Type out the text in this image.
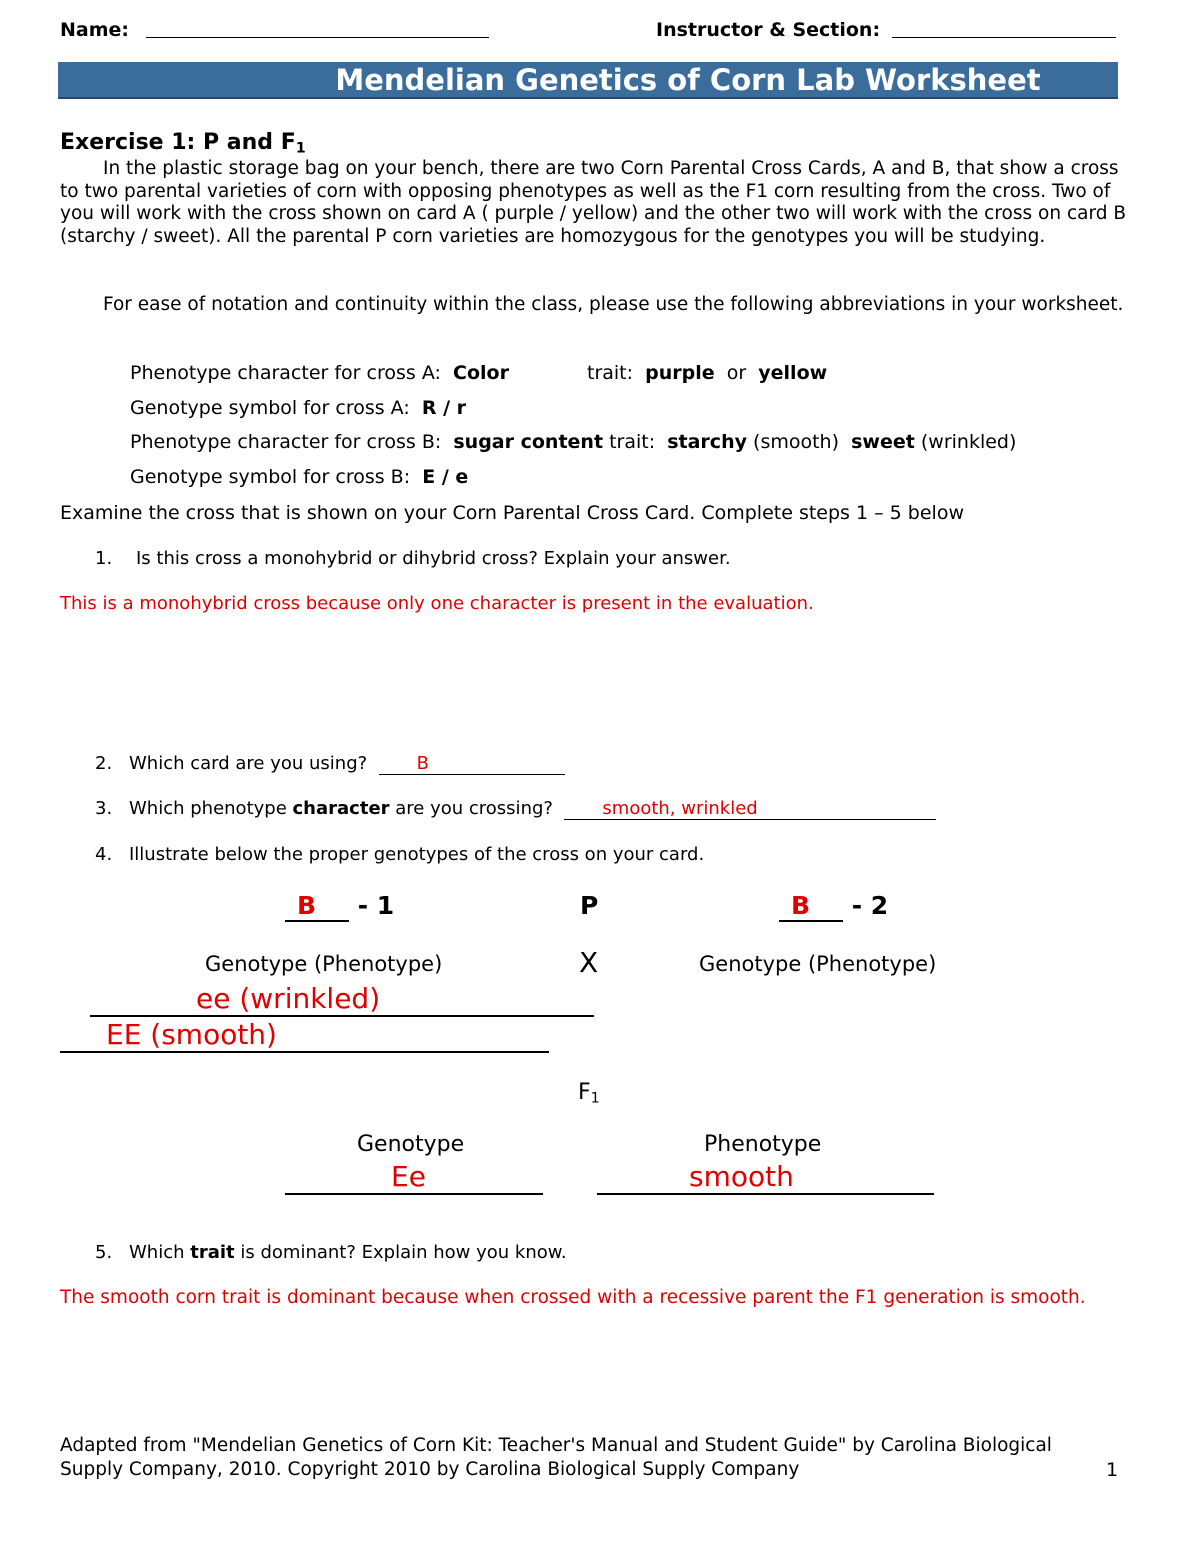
Name:	Instructor & Section:
Mendelian Genetics of Corn Lab Worksheet
Exercise 1: P and $F_1$
In the plastic storage bag on your bench, there are two Corn Parental Cross Cards, A and B, that show a cross to two parental varieties of corn with opposing phenotypes as well as the F1 corn resulting from the cross. Two of you will work with the cross shown on card A ( purple / yellow) and the other two will work with the cross on card B (starchy / sweet). All the parental P corn varieties are homozygous for the genotypes you will be studying.
For ease of notation and continuity within the class, please use the following abbreviations in your worksheet.
Phenotype character for cross A: Color	trait: purple or yellow
Genotype symbol for cross A: R / r
Phenotype character for cross B: sugar content trait: starchy (smooth) sweet (wrinkled)
Genotype symbol for cross B: E / e
Examine the cross that is shown on your Corn Parental Cross Card. Complete steps 1 – 5 below
1. Is this cross a monohybrid or dihybrid cross? Explain your answer.
This is a monohybrid cross because only one character is present in the evaluation.
2. Which card are you using?	B
3. Which phenotype character are you crossing?	smooth, wrinkled
4. Illustrate below the proper genotypes of the cross on your card.
B - 1	P	B - 2
Genotype (Phenotype)	X	Genotype (Phenotype)
ee (wrinkled)
EE (smooth)
$F_1$
Genotype	Phenotype
Ee	smooth
5. Which trait is dominant? Explain how you know.
The smooth corn trait is dominant because when crossed with a recessive parent the F1 generation is smooth.
Adapted from "Mendelian Genetics of Corn Kit: Teacher's Manual and Student Guide" by Carolina Biological
Supply Company, 2010. Copyright 2010 by Carolina Biological Supply Company	1
